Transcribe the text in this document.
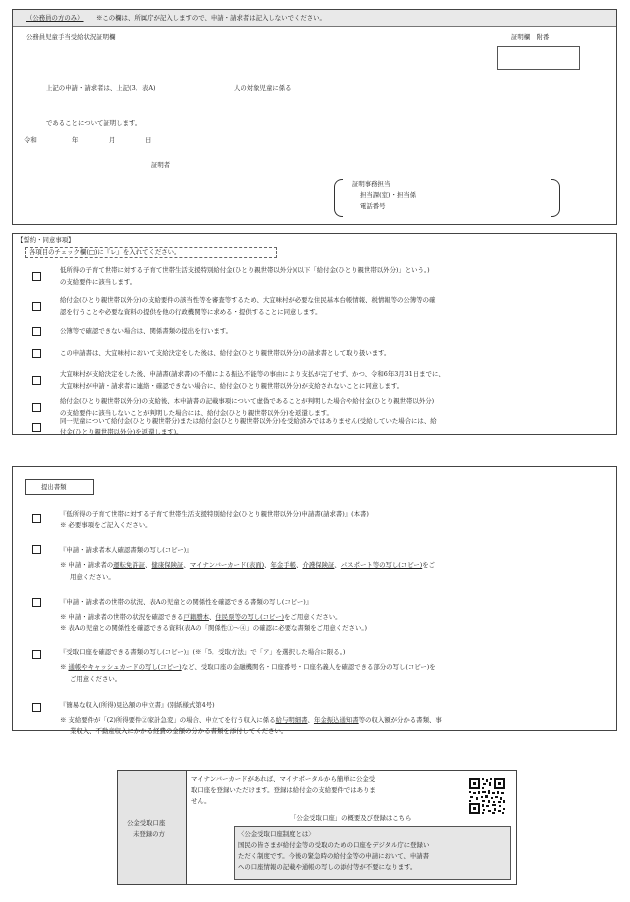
（公務員の方のみ） ※この欄は、所属庁が記入しますので、申請・請求者は記入しないでください。
公務員児童手当受給状況証明欄	証明欄　附番
上記の申請・請求者は、上記(3．表A)	人の対象児童に係る
であることについて証明します。
令和	年	月	日
証明者
証明事務担当
担当課(室)・担当係
電話番号
【誓約・同意事項】
各項目のチェック欄(□)に『レ』を入れてください。
低所得の子育て世帯に対する子育て世帯生活支援特別給付金(ひとり親世帯以外分)(以下「給付金(ひとり親世帯以外分)」という。)
の支給要件に該当します。
給付金(ひとり親世帯以外分)の支給要件の該当性等を審査等するため、大宜味村が必要な住民基本台帳情報、税情報等の公簿等の確
認を行うことや必要な資料の提供を他の行政機関等に求める・提供することに同意します。
公簿等で確認できない場合は、関係書類の提出を行います。
この申請書は、大宜味村において支給決定をした後は、給付金(ひとり親世帯以外分)の請求書として取り扱います。
大宜味村が支給決定をした後、申請書(請求書)の不備による振込不能等の事由により支払が完了せず、かつ、令和6年3月31日までに、
大宜味村が申請・請求者に連絡・確認できない場合に、給付金(ひとり親世帯以外分)が支給されないことに同意します。
給付金(ひとり親世帯以外分)の支給後、本申請書の記載事項について虚偽であることが判明した場合や給付金(ひとり親世帯以外分)
の支給要件に該当しないことが判明した場合には、給付金(ひとり親世帯以外分)を返還します。
同一児童について給付金(ひとり親世帯分)または給付金(ひとり親世帯以外分)を受給済みではありません(受給していた場合には、給
付金(ひとり親世帯以外分)を返還します)。
提出書類
『低所得の子育て世帯に対する子育て世帯生活支援特別給付金(ひとり親世帯以外分)申請書(請求書)』(本書)
※ 必要事項をご記入ください。
『申請・請求者本人確認書類の写し(コピー)』
※ 申請・請求者の運転免許証、健康保険証、マイナンバーカード(表面)、年金手帳、介護保険証、パスポート等の写し(コピー)をご
用意ください。
『申請・請求者の世帯の状況、表Aの児童との関係性を確認できる書類の写し(コピー)』
※ 申請・請求者の世帯の状況を確認できる戸籍謄本、住民票等の写し(コピー)をご用意ください。
※ 表Aの児童との関係性を確認できる資料(表Aの「関係性①～④」の確認に必要な書類をご用意ください。)
『受取口座を確認できる書類の写し(コピー)』(※「5．受取方法」で「ア」を選択した場合に限る。)
※ 通帳やキャッシュカードの写し(コピー)など、受取口座の金融機関名・口座番号・口座名義人を確認できる部分の写し(コピー)を
ご用意ください。
『簡易な収入(所得)見込額の申立書』(別紙様式第4号)
※ 支給要件が「(2)所得要件②家計急変」の場合、申立てを行う収入に係る給与明細書、年金振込通知書等の収入額が分かる書類、事
業収入、不動産収入にかかる経費の金額の分かる書類を添付してください。
公金受取口座
未登録の方
マイナンバーカードがあれば、マイナポータルから簡単に公金受
取口座を登録いただけます。登録は給付金の支給要件ではありま
せん。
「公金受取口座」の概要及び登録はこちら
〈公金受取口座制度とは〉
国民の皆さまが給付金等の受取のための口座をデジタル庁に登録い
ただく制度です。今後の緊急時の給付金等の申請において、申請書
への口座情報の記載や通帳の写しの添付等が不要になります。
